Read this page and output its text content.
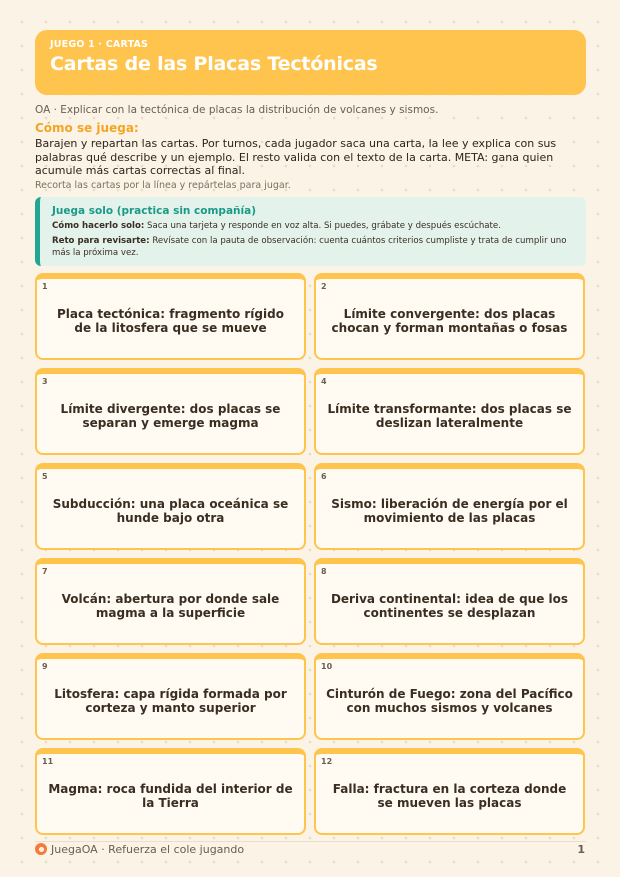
JUEGO 1 · CARTAS
Cartas de las Placas Tectónicas
OA · Explicar con la tectónica de placas la distribución de volcanes y sismos.
Cómo se juega:
Barajen y repartan las cartas. Por turnos, cada jugador saca una carta, la lee y explica con sus palabras qué describe y un ejemplo. El resto valida con el texto de la carta. META: gana quien acumule más cartas correctas al final.
Recorta las cartas por la línea y repártelas para jugar.
Juega solo (practica sin compañía)
Cómo hacerlo solo: Saca una tarjeta y responde en voz alta. Si puedes, grábate y después escúchate.
Reto para revisarte: Revísate con la pauta de observación: cuenta cuántos criterios cumpliste y trata de cumplir uno más la próxima vez.
1
Placa tectónica: fragmento rígido de la litosfera que se mueve
2
Límite convergente: dos placas chocan y forman montañas o fosas
3
Límite divergente: dos placas se separan y emerge magma
4
Límite transformante: dos placas se deslizan lateralmente
5
Subducción: una placa oceánica se hunde bajo otra
6
Sismo: liberación de energía por el movimiento de las placas
7
Volcán: abertura por donde sale magma a la superficie
8
Deriva continental: idea de que los continentes se desplazan
9
Litosfera: capa rígida formada por corteza y manto superior
10
Cinturón de Fuego: zona del Pacífico con muchos sismos y volcanes
11
Magma: roca fundida del interior de la Tierra
12
Falla: fractura en la corteza donde se mueven las placas
JuegaOA · Refuerza el cole jugando	1
